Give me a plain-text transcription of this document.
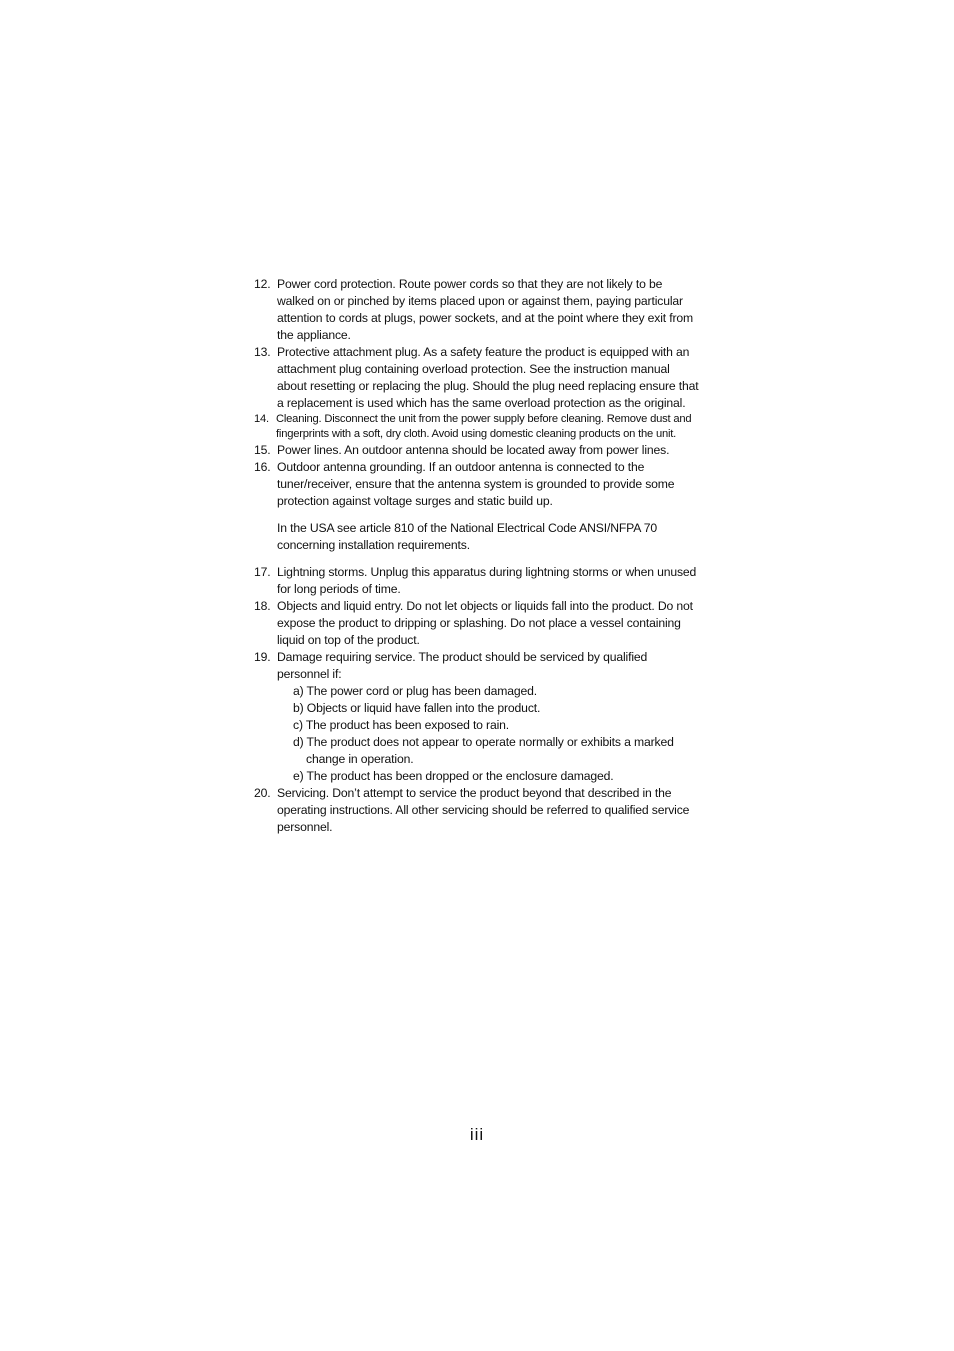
12. Power cord protection. Route power cords so that they are not likely to be
walked on or pinched by items placed upon or against them, paying particular
attention to cords at plugs, power sockets, and at the point where they exit from
the appliance.
13. Protective attachment plug. As a safety feature the product is equipped with an
attachment plug containing overload protection. See the instruction manual
about resetting or replacing the plug. Should the plug need replacing ensure that
a replacement is used which has the same overload protection as the original.
14. Cleaning. Disconnect the unit from the power supply before cleaning. Remove dust and
fingerprints with a soft, dry cloth. Avoid using domestic cleaning products on the unit.
15. Power lines. An outdoor antenna should be located away from power lines.
16. Outdoor antenna grounding. If an outdoor antenna is connected to the
tuner/receiver, ensure that the antenna system is grounded to provide some
protection against voltage surges and static build up.
In the USA see article 810 of the National Electrical Code ANSI/NFPA 70
concerning installation requirements.
17. Lightning storms. Unplug this apparatus during lightning storms or when unused
for long periods of time.
18. Objects and liquid entry. Do not let objects or liquids fall into the product. Do not
expose the product to dripping or splashing. Do not place a vessel containing
liquid on top of the product.
19. Damage requiring service. The product should be serviced by qualified
personnel if:
a) The power cord or plug has been damaged.
b) Objects or liquid have fallen into the product.
c) The product has been exposed to rain.
d) The product does not appear to operate normally or exhibits a marked
change in operation.
e) The product has been dropped or the enclosure damaged.
20. Servicing. Don’t attempt to service the product beyond that described in the
operating instructions. All other servicing should be referred to qualified service
personnel.
iii
